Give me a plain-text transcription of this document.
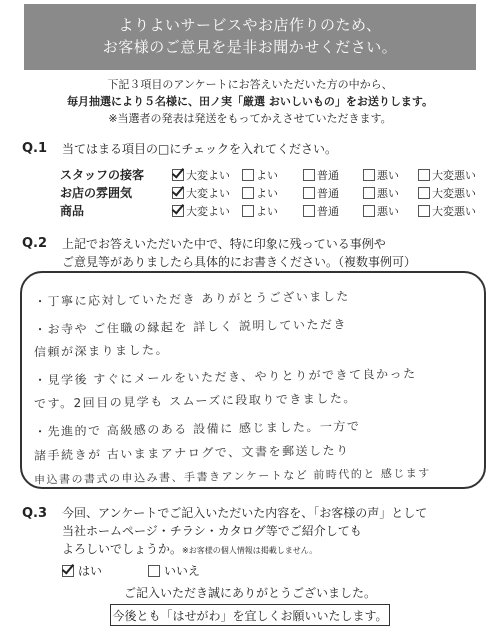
よりよいサービスやお店作りのため、
お客様のご意見を是非お聞かせください。
下記３項目のアンケートにお答えいただいた方の中から、
毎月抽選により５名様に、田ノ実「厳選 おいしいもの」をお送りします。
※当選者の発表は発送をもってかえさせていただきます。
Q.1 当てはまる項目の□にチェックを入れてください。
スタッフの接客	大変よい よい	普通	悪い	大変悪い
お店の雰囲気	大変よい よい	普通	悪い	大変悪い
商品	大変よい よい	普通	悪い	大変悪い
Q.2 上記でお答えいただいた中で、特に印象に残っている事例や
ご意見等がありましたら具体的にお書きください。（複数事例可）
・丁寧に応対していただき ありがとうございました
・お寺や ご住職の縁起を 詳しく 説明していただき
信頼が深まりました。
・見学後 すぐにメールをいただき、やりとりができて良かった
です。2回目の見学も スムーズに段取りできました。
・先進的で 高級感のある 設備に 感じました。一方で
諸手続きが 古いままアナログで、文書を郵送したり
申込書の書式の申込み書、手書きアンケートなど 前時代的と 感じます
Q.3 今回、アンケートでご記入いただいた内容を、「お客様の声」として
当社ホームページ・チラシ・カタログ等でご紹介しても
よろしいでしょうか。※お客様の個人情報は掲載しません。
はい	いいえ
ご記入いただき誠にありがとうございました。
今後とも「はせがわ」を宜しくお願いいたします。
